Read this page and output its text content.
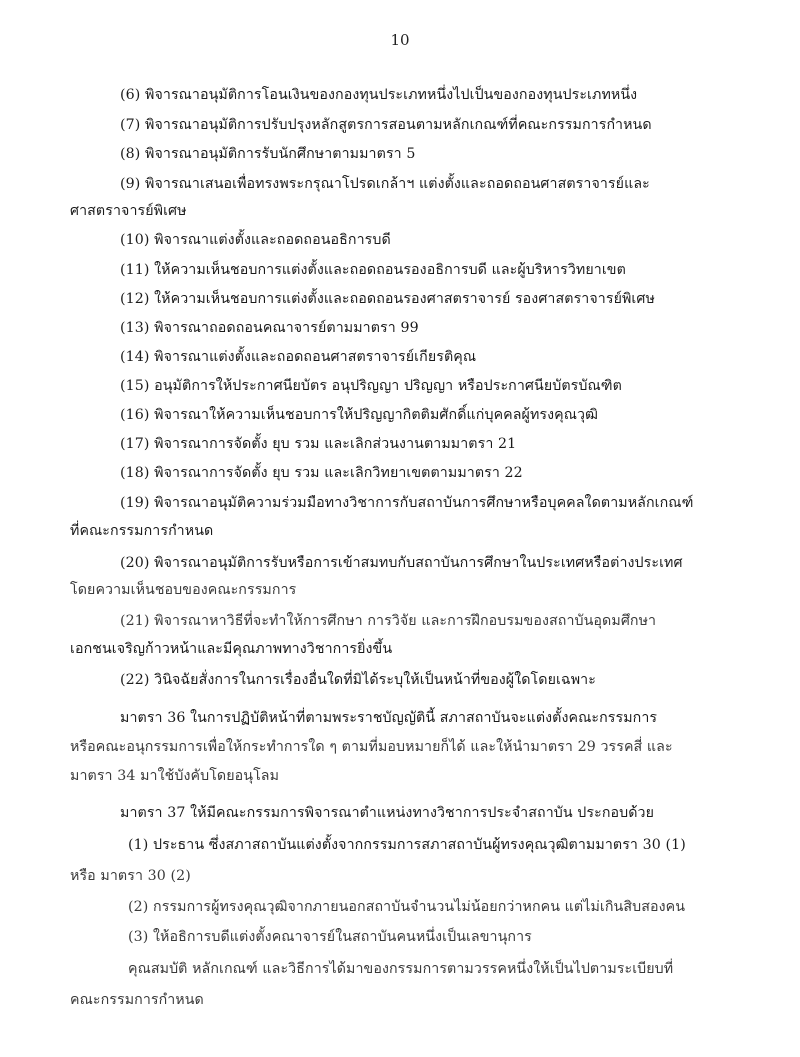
10
(6) พิจารณาอนุมัติการโอนเงินของกองทุนประเภทหนึ่งไปเป็นของกองทุนประเภทหนึ่ง
(7) พิจารณาอนุมัติการปรับปรุงหลักสูตรการสอนตามหลักเกณฑ์ที่คณะกรรมการกำหนด
(8) พิจารณาอนุมัติการรับนักศึกษาตามมาตรา 5
(9) พิจารณาเสนอเพื่อทรงพระกรุณาโปรดเกล้าฯ แต่งตั้งและถอดถอนศาสตราจารย์และ
ศาสตราจารย์พิเศษ
(10) พิจารณาแต่งตั้งและถอดถอนอธิการบดี
(11) ให้ความเห็นชอบการแต่งตั้งและถอดถอนรองอธิการบดี และผู้บริหารวิทยาเขต
(12) ให้ความเห็นชอบการแต่งตั้งและถอดถอนรองศาสตราจารย์ รองศาสตราจารย์พิเศษ
(13) พิจารณาถอดถอนคณาจารย์ตามมาตรา 99
(14) พิจารณาแต่งตั้งและถอดถอนศาสตราจารย์เกียรติคุณ
(15) อนุมัติการให้ประกาศนียบัตร อนุปริญญา ปริญญา หรือประกาศนียบัตรบัณฑิต
(16) พิจารณาให้ความเห็นชอบการให้ปริญญากิตติมศักดิ์แก่บุคคลผู้ทรงคุณวุฒิ
(17) พิจารณาการจัดตั้ง ยุบ รวม และเลิกส่วนงานตามมาตรา 21
(18) พิจารณาการจัดตั้ง ยุบ รวม และเลิกวิทยาเขตตามมาตรา 22
(19) พิจารณาอนุมัติความร่วมมือทางวิชาการกับสถาบันการศึกษาหรือบุคคลใดตามหลักเกณฑ์
ที่คณะกรรมการกำหนด
(20) พิจารณาอนุมัติการรับหรือการเข้าสมทบกับสถาบันการศึกษาในประเทศหรือต่างประเทศ
โดยความเห็นชอบของคณะกรรมการ
(21) พิจารณาหาวิธีที่จะทำให้การศึกษา การวิจัย และการฝึกอบรมของสถาบันอุดมศึกษา
เอกชนเจริญก้าวหน้าและมีคุณภาพทางวิชาการยิ่งขึ้น
(22) วินิจฉัยสั่งการในการเรื่องอื่นใดที่มิได้ระบุให้เป็นหน้าที่ของผู้ใดโดยเฉพาะ
มาตรา 36 ในการปฏิบัติหน้าที่ตามพระราชบัญญัตินี้ สภาสถาบันจะแต่งตั้งคณะกรรมการ
หรือคณะอนุกรรมการเพื่อให้กระทำการใด ๆ ตามที่มอบหมายก็ได้ และให้นำมาตรา 29 วรรคสี่ และ
มาตรา 34 มาใช้บังคับโดยอนุโลม
มาตรา 37 ให้มีคณะกรรมการพิจารณาตำแหน่งทางวิชาการประจำสถาบัน ประกอบด้วย
(1) ประธาน ซึ่งสภาสถาบันแต่งตั้งจากกรรมการสภาสถาบันผู้ทรงคุณวุฒิตามมาตรา 30 (1)
หรือ มาตรา 30 (2)
(2) กรรมการผู้ทรงคุณวุฒิจากภายนอกสถาบันจำนวนไม่น้อยกว่าหกคน แต่ไม่เกินสิบสองคน
(3) ให้อธิการบดีแต่งตั้งคณาจารย์ในสถาบันคนหนึ่งเป็นเลขานุการ
คุณสมบัติ หลักเกณฑ์ และวิธีการได้มาของกรรมการตามวรรคหนึ่งให้เป็นไปตามระเบียบที่
คณะกรรมการกำหนด
